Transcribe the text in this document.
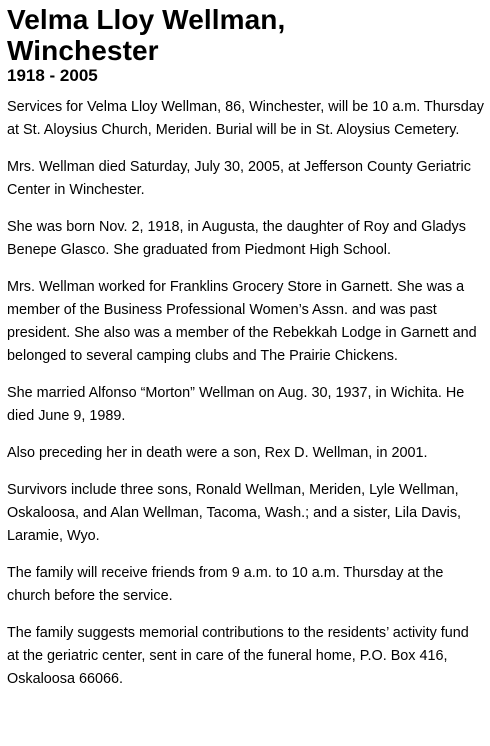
Velma Lloy Wellman,
Winchester
1918 - 2005

Services for Velma Lloy Wellman, 86, Winchester, will be 10 a.m. Thursday at St. Aloysius Church, Meriden. Burial will be in St. Aloysius Cemetery.

Mrs. Wellman died Saturday, July 30, 2005, at Jefferson County Geriatric Center in Winchester.

She was born Nov. 2, 1918, in Augusta, the daughter of Roy and Gladys Benepe Glasco. She graduated from Piedmont High School.

Mrs. Wellman worked for Franklins Grocery Store in Garnett. She was a member of the Business Professional Women’s Assn. and was past president. She also was a member of the Rebekkah Lodge in Garnett and belonged to several camping clubs and The Prairie Chickens.

She married Alfonso “Morton” Wellman on Aug. 30, 1937, in Wichita. He died June 9, 1989.

Also preceding her in death were a son, Rex D. Wellman, in 2001.

Survivors include three sons, Ronald Wellman, Meriden, Lyle Wellman, Oskaloosa, and Alan Wellman, Tacoma, Wash.; and a sister, Lila Davis, Laramie, Wyo.

The family will receive friends from 9 a.m. to 10 a.m. Thursday at the church before the service.

The family suggests memorial contributions to the residents’ activity fund at the geriatric center, sent in care of the funeral home, P.O. Box 416, Oskaloosa 66066.
